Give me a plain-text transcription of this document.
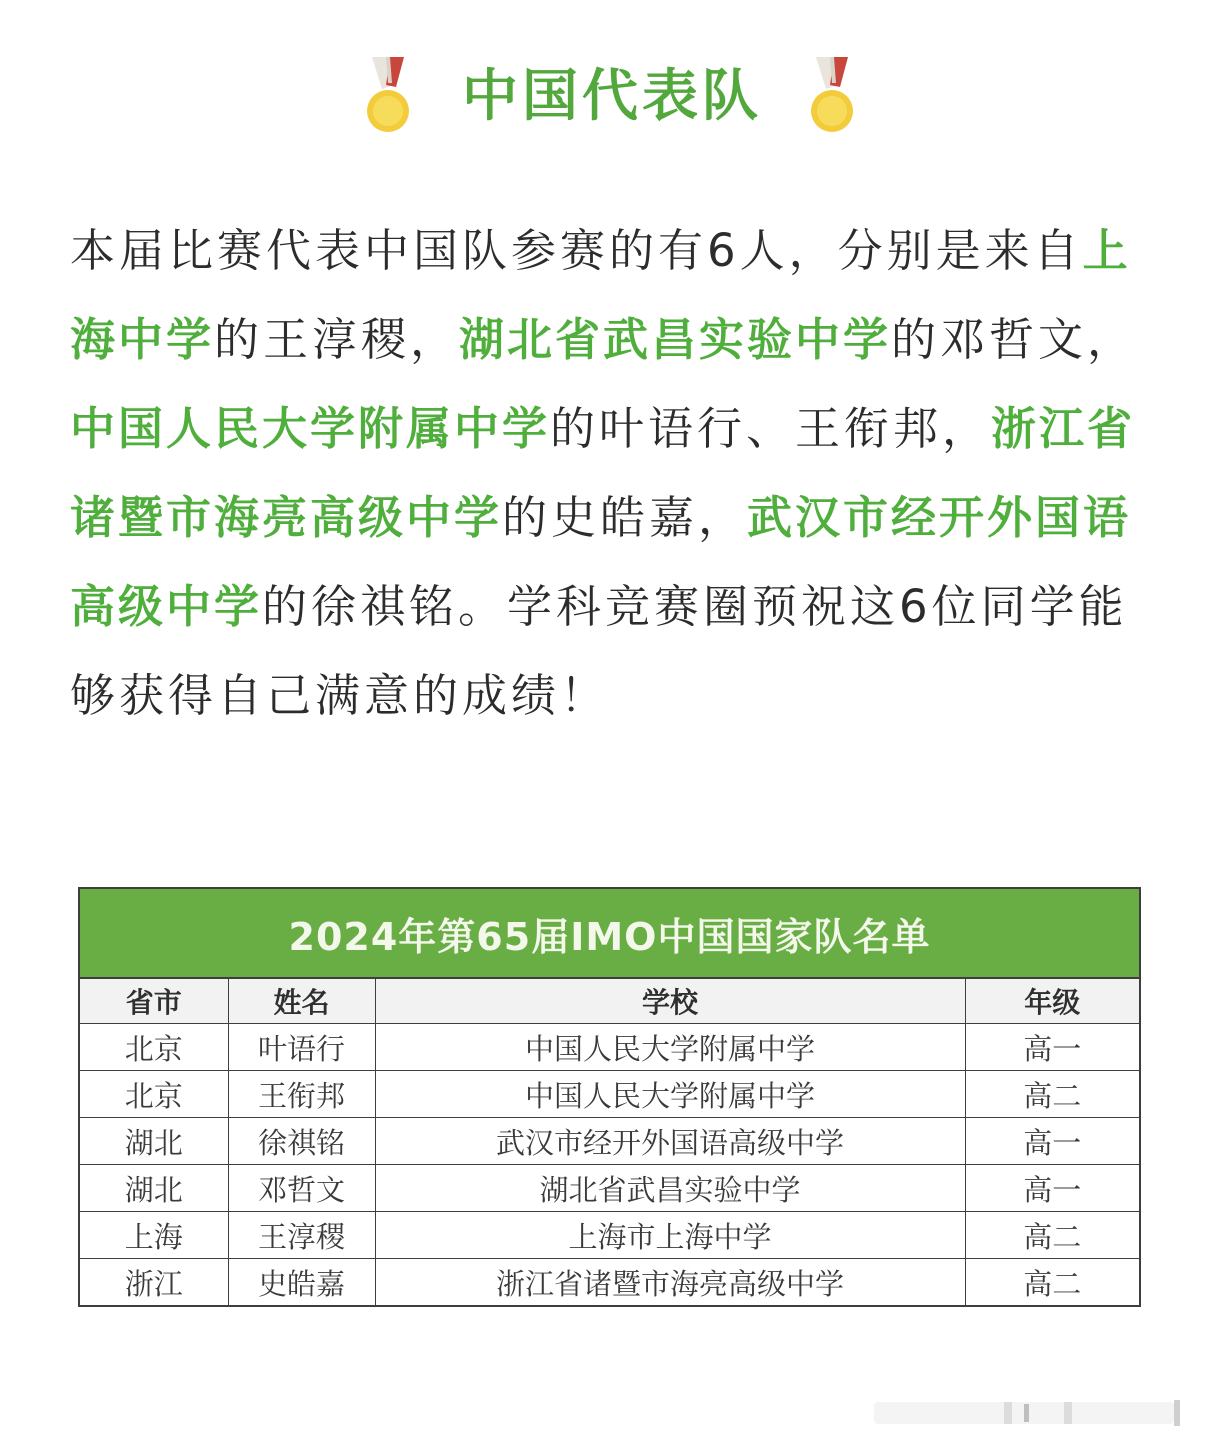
中国代表队

本届比赛代表中国队参赛的有6人，分别是来自上海中学的王淳稷，湖北省武昌实验中学的邓哲文，中国人民大学附属中学的叶语行、王衔邦，浙江省诸暨市海亮高级中学的史皓嘉，武汉市经开外国语高级中学的徐祺铭。学科竞赛圈预祝这6位同学能够获得自己满意的成绩！

2024年第65届IMO中国国家队名单
省市	姓名	学校	年级
北京	叶语行	中国人民大学附属中学	高一
北京	王衔邦	中国人民大学附属中学	高二
湖北	徐祺铭	武汉市经开外国语高级中学	高一
湖北	邓哲文	湖北省武昌实验中学	高一
上海	王淳稷	上海市上海中学	高二
浙江	史皓嘉	浙江省诸暨市海亮高级中学	高二
